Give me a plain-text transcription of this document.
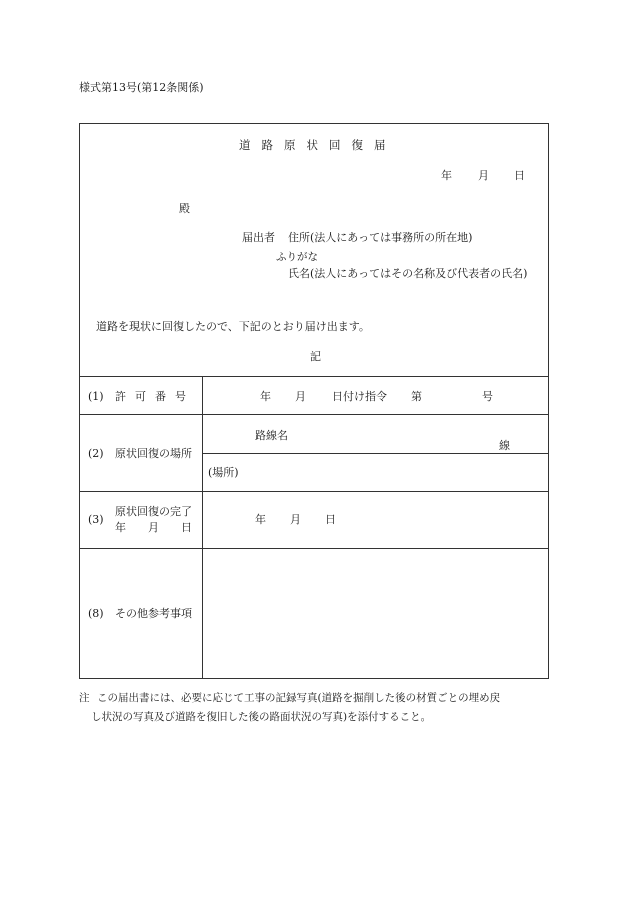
様式第13号(第12条関係)
道路原状回復届
年 月 日
殿
届出者 住所(法人にあっては事務所の所在地)
ふりがな
氏名(法人にあってはその名称及び代表者の氏名)
道路を現状に回復したので、下記のとおり届け出ます。
記
(1) 許可番号	年 月 日付け指令 第	号
(2) 原状回復の場所
路線名
線
(場所)
(3)
原状回復の完了
年　　月　　日
年 月 日
(8) その他参考事項
注 この届出書には、必要に応じて工事の記録写真(道路を掘削した後の材質ごとの埋め戻
し状況の写真及び道路を復旧した後の路面状況の写真)を添付すること。
